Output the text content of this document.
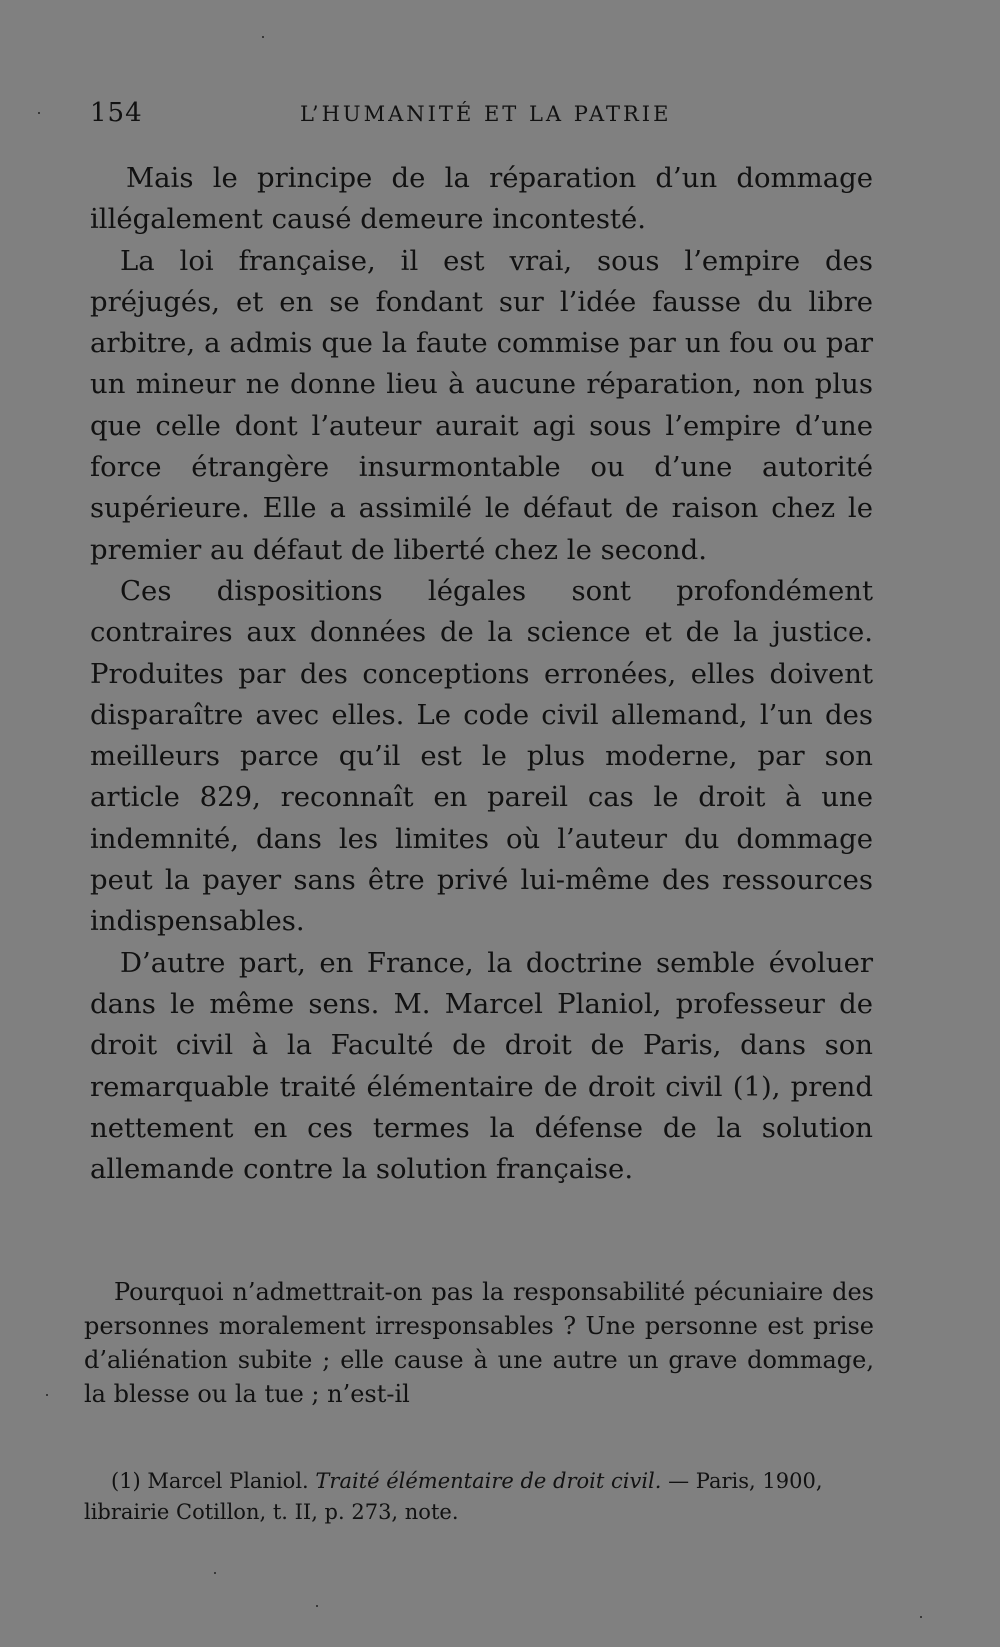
154	L’HUMANITÉ ET LA PATRIE

Mais le principe de la réparation d’un dommage illégalement causé demeure incontesté.

La loi française, il est vrai, sous l’empire des préjugés, et en se fondant sur l’idée fausse du libre arbitre, a admis que la faute commise par un fou ou par un mineur ne donne lieu à aucune réparation, non plus que celle dont l’auteur aurait agi sous l’empire d’une force étrangère insurmontable ou d’une autorité supérieure. Elle a assimilé le défaut de raison chez le premier au défaut de liberté chez le second.

Ces dispositions légales sont profondément contraires aux données de la science et de la justice. Produites par des conceptions erronées, elles doivent disparaître avec elles. Le code civil allemand, l’un des meilleurs parce qu’il est le plus moderne, par son article 829, reconnaît en pareil cas le droit à une indemnité, dans les limites où l’auteur du dommage peut la payer sans être privé lui-même des ressources indispensables.

D’autre part, en France, la doctrine semble évoluer dans le même sens. M. Marcel Planiol, professeur de droit civil à la Faculté de droit de Paris, dans son remarquable traité élémentaire de droit civil (1), prend nettement en ces termes la défense de la solution allemande contre la solution française.

Pourquoi n’admettrait-on pas la responsabilité pécuniaire des personnes moralement irresponsables ? Une personne est prise d’aliénation subite ; elle cause à une autre un grave dommage, la blesse ou la tue ; n’est-il

(1) Marcel Planiol. Traité élémentaire de droit civil. — Paris, 1900, librairie Cotillon, t. II, p. 273, note.
